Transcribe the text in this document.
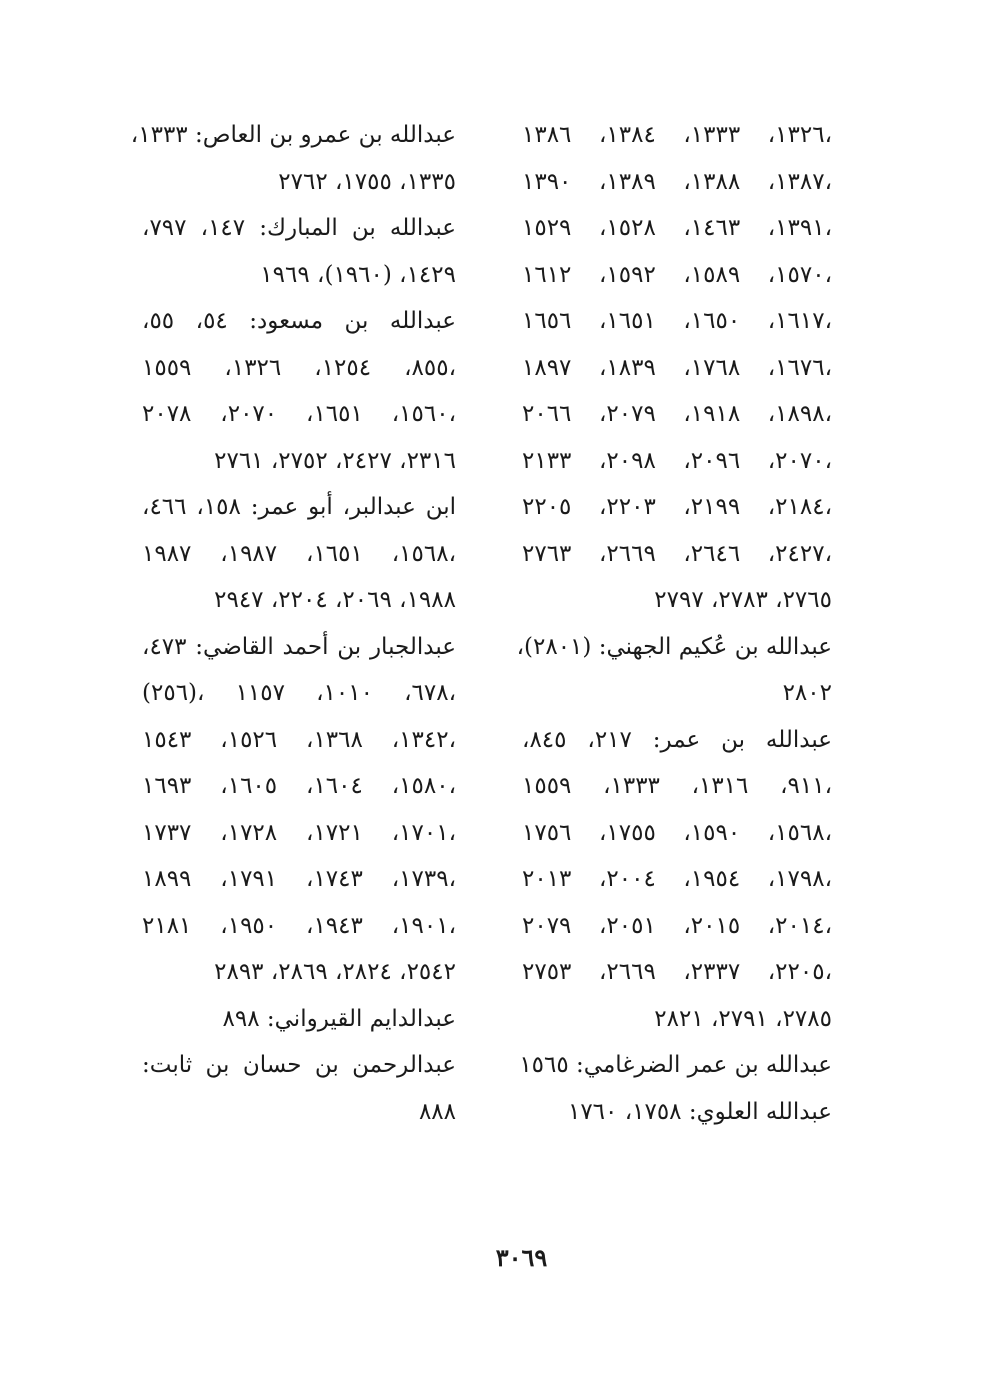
١٣٢٦، ١٣٣٣، ١٣٨٤، ١٣٨٦،
١٣٨٧، ١٣٨٨، ١٣٨٩، ١٣٩٠،
١٣٩١، ١٤٦٣، ١٥٢٨، ١٥٢٩،
١٥٧٠، ١٥٨٩، ١٥٩٢، ١٦١٢،
١٦١٧، ١٦٥٠، ١٦٥١، ١٦٥٦،
١٦٧٦، ١٧٦٨، ١٨٣٩، ١٨٩٧،
١٨٩٨، ١٩١٨، ٢٠٧٩، ٢٠٦٦،
٢٠٧٠، ٢٠٩٦، ٢٠٩٨، ٢١٣٣،
٢١٨٤، ٢١٩٩، ٢٢٠٣، ٢٢٠٥،
٢٤٢٧، ٢٦٤٦، ٢٦٦٩، ٢٧٦٣،
٢٧٦٥، ٢٧٨٣، ٢٧٩٧
عبدالله بن عُكيم الجهني: (٢٨٠١)،
٢٨٠٢
عبدالله بن عمر: ٢١٧، ٨٤٥،
٩١١، ١٣١٦، ١٣٣٣، ١٥٥٩،
١٥٦٨، ١٥٩٠، ١٧٥٥، ١٧٥٦،
١٧٩٨، ١٩٥٤، ٢٠٠٤، ٢٠١٣،
٢٠١٤، ٢٠١٥، ٢٠٥١، ٢٠٧٩،
٢٢٠٥، ٢٣٣٧، ٢٦٦٩، ٢٧٥٣،
٢٧٨٥، ٢٧٩١، ٢٨٢١
عبدالله بن عمر الضرغامي: ١٥٦٥
عبدالله العلوي: ١٧٥٨، ١٧٦٠
عبدالله بن عمرو بن العاص: ١٣٣٣،
١٣٣٥، ١٧٥٥، ٢٧٦٢
عبدالله بن المبارك: ١٤٧، ٧٩٧،
١٤٢٩، (١٩٦٠)، ١٩٦٩
عبدالله بن مسعود: ٥٤، ٥٥،
٨٥٥، ١٢٥٤، ١٣٢٦، ١٥٥٩،
١٥٦٠، ١٦٥١، ٢٠٧٠، ٢٠٧٨،
٢٣١٦، ٢٤٢٧، ٢٧٥٢، ٢٧٦١
ابن عبدالبر، أبو عمر: ١٥٨، ٤٦٦،
١٥٦٨، ١٦٥١، ١٩٨٧، ١٩٨٧،
١٩٨٨، ٢٠٦٩، ٢٢٠٤، ٢٩٤٧
عبدالجبار بن أحمد القاضي: ٤٧٣،
(٢٥٦)، ٦٧٨، ١٠١٠، ١١٥٧،
١٣٤٢، ١٣٦٨، ١٥٢٦، ١٥٤٣،
١٥٨٠، ١٦٠٤، ١٦٠٥، ١٦٩٣،
١٧٠١، ١٧٢١، ١٧٢٨، ١٧٣٧،
١٧٣٩، ١٧٤٣، ١٧٩١، ١٨٩٩،
١٩٠١، ١٩٤٣، ١٩٥٠، ٢١٨١،
٢٥٤٢، ٢٨٢٤، ٢٨٦٩، ٢٨٩٣
عبدالدايم القيرواني: ٨٩٨
عبدالرحمن بن حسان بن ثابت:
٨٨٨
٣٠٦٩
